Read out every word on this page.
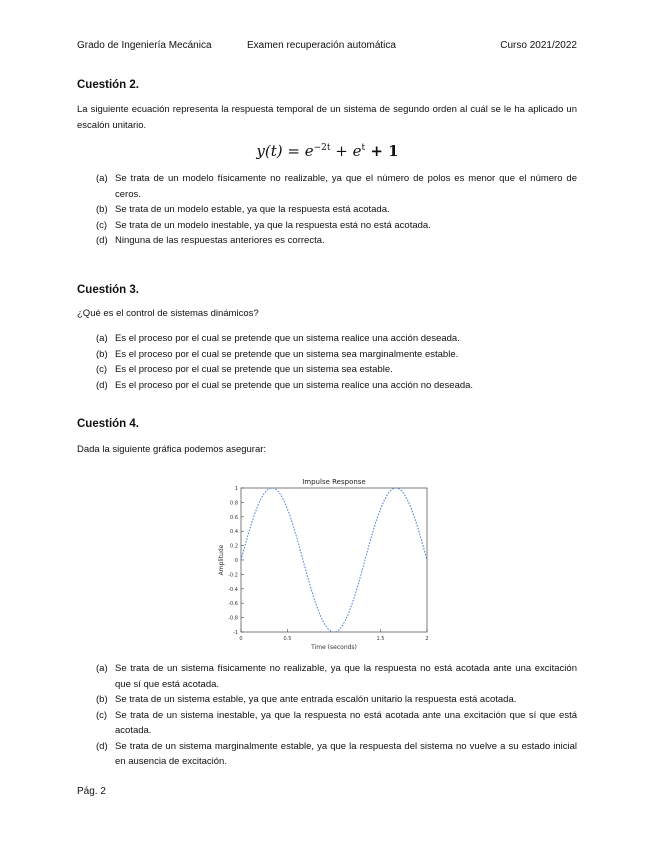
Grado de Ingeniería Mecánica	Examen recuperación automática	Curso 2021/2022
Cuestión 2.
La siguiente ecuación representa la respuesta temporal de un sistema de segundo orden al cuál se le ha aplicado un escalón unitario.
$y(t) = e^{-2t} + e^t + 1$
(a) Se trata de un modelo físicamente no realizable, ya que el número de polos es menor que el número de ceros.
(b) Se trata de un modelo estable, ya que la respuesta está acotada.
(c) Se trata de un modelo inestable, ya que la respuesta está no está acotada.
(d) Ninguna de las respuestas anteriores es correcta.
Cuestión 3.
¿Qué es el control de sistemas dinámicos?
(a) Es el proceso por el cual se pretende que un sistema realice una acción deseada.
(b) Es el proceso por el cual se pretende que un sistema sea marginalmente estable.
(c) Es el proceso por el cual se pretende que un sistema sea estable.
(d) Es el proceso por el cual se pretende que un sistema realice una acción no deseada.
Cuestión 4.
Dada la siguiente gráfica podemos asegurar:
Impulse Response
1
0.8
0.6
0.4
0.2
0
-0.2
-0.4
-0.6
-0.8
-1
0	0.5	1.5	2
Amplitude
Time (seconds)
(a) Se trata de un sistema físicamente no realizable, ya que la respuesta no está acotada ante una excitación que sí que está acotada.
(b) Se trata de un sistema estable, ya que ante entrada escalón unitario la respuesta está acotada.
(c) Se trata de un sistema inestable, ya que la respuesta no está acotada ante una excitación que sí que está acotada.
(d) Se trata de un sistema marginalmente estable, ya que la respuesta del sistema no vuelve a su estado inicial en ausencia de excitación.
Pág. 2
